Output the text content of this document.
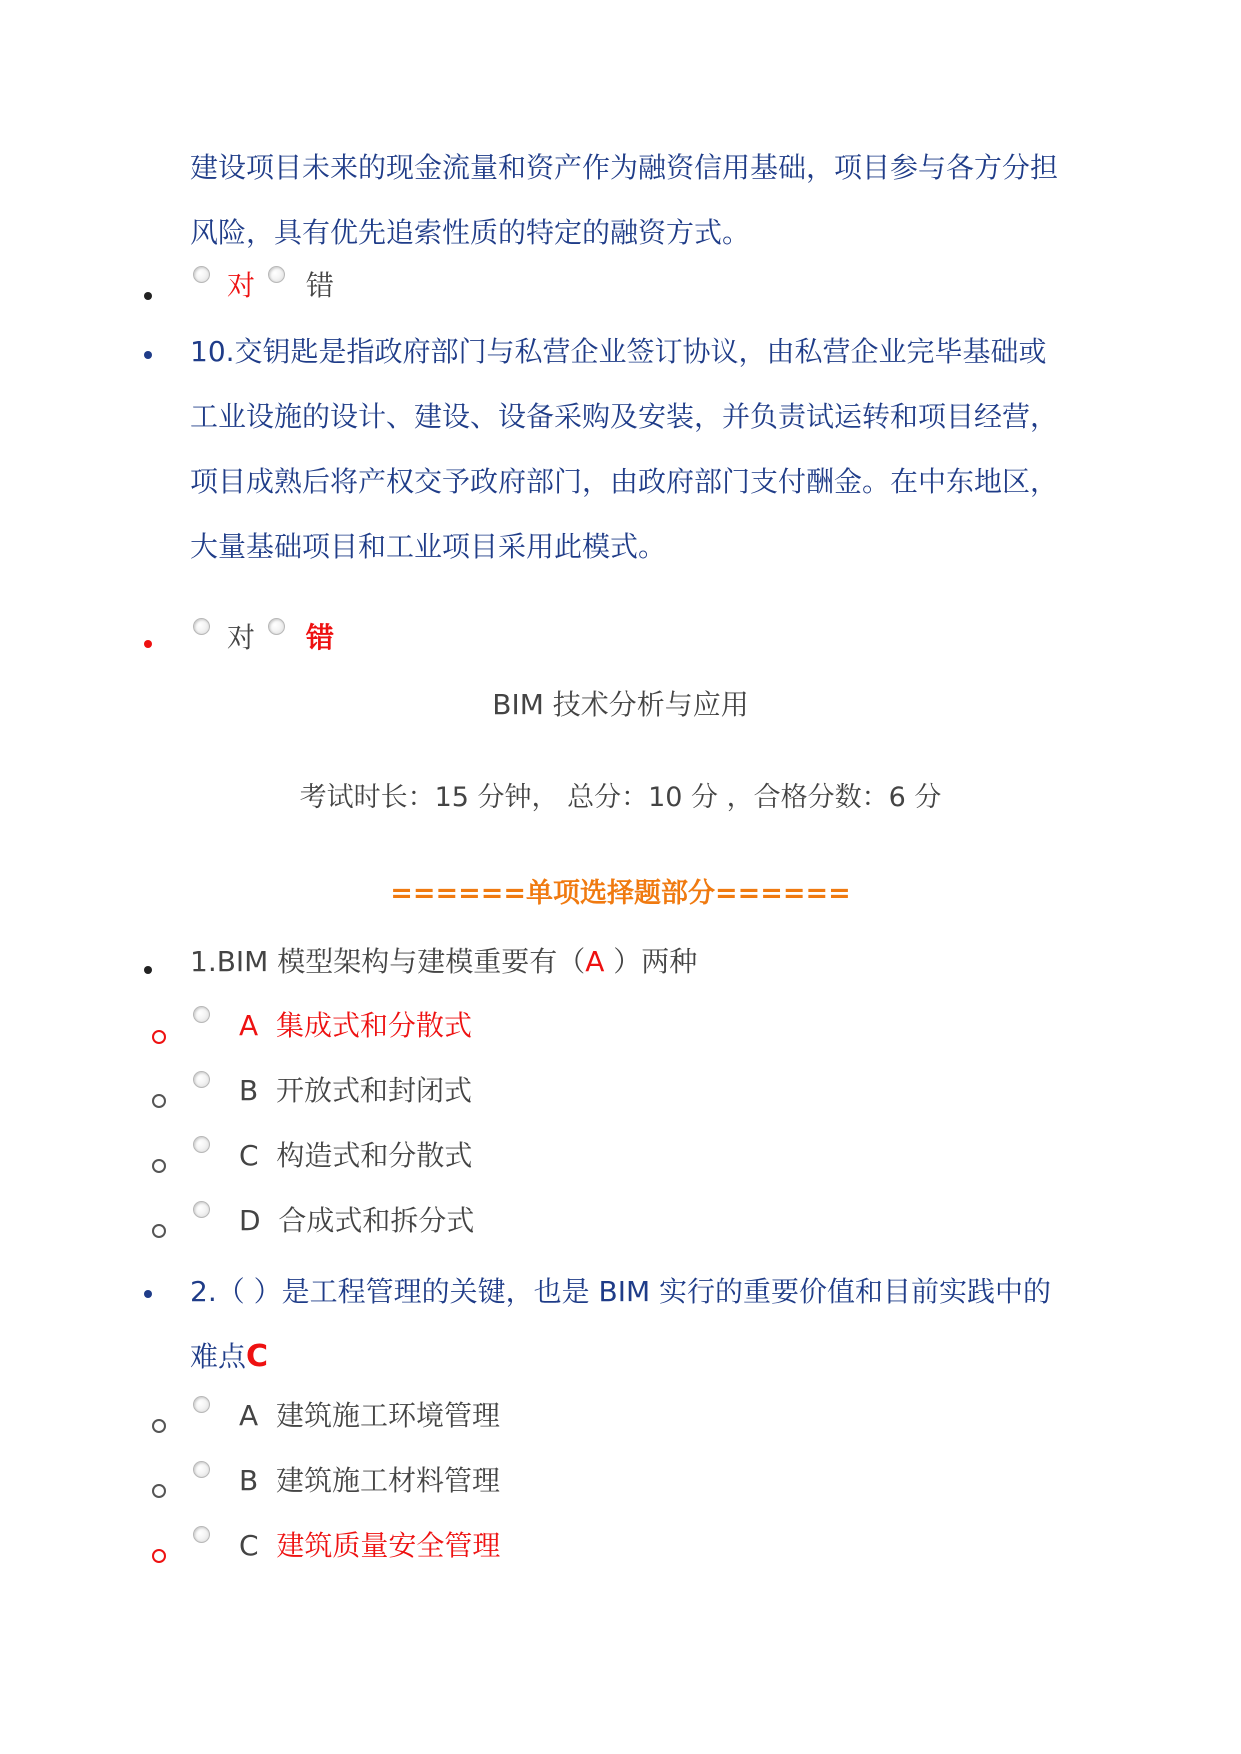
建设项目未来的现金流量和资产作为融资信用基础，项目参与各方分担风险，具有优先追索性质的特定的融资方式。
对 错
10.交钥匙是指政府部门与私营企业签订协议，由私营企业完毕基础或工业设施的设计、建设、设备采购及安装，并负责试运转和项目经营，项目成熟后将产权交予政府部门，由政府部门支付酬金。在中东地区，大量基础项目和工业项目采用此模式。
对 错
BIM 技术分析与应用
考试时长：15 分钟， 总分：10 分 ，合格分数：6 分
======单项选择题部分======
1.BIM 模型架构与建模重要有（A ）两种
A 集成式和分散式
B 开放式和封闭式
C 构造式和分散式
D 合成式和拆分式
2.（ ）是工程管理的关键，也是 BIM 实行的重要价值和目前实践中的难点C
A 建筑施工环境管理
B 建筑施工材料管理
C 建筑质量安全管理
